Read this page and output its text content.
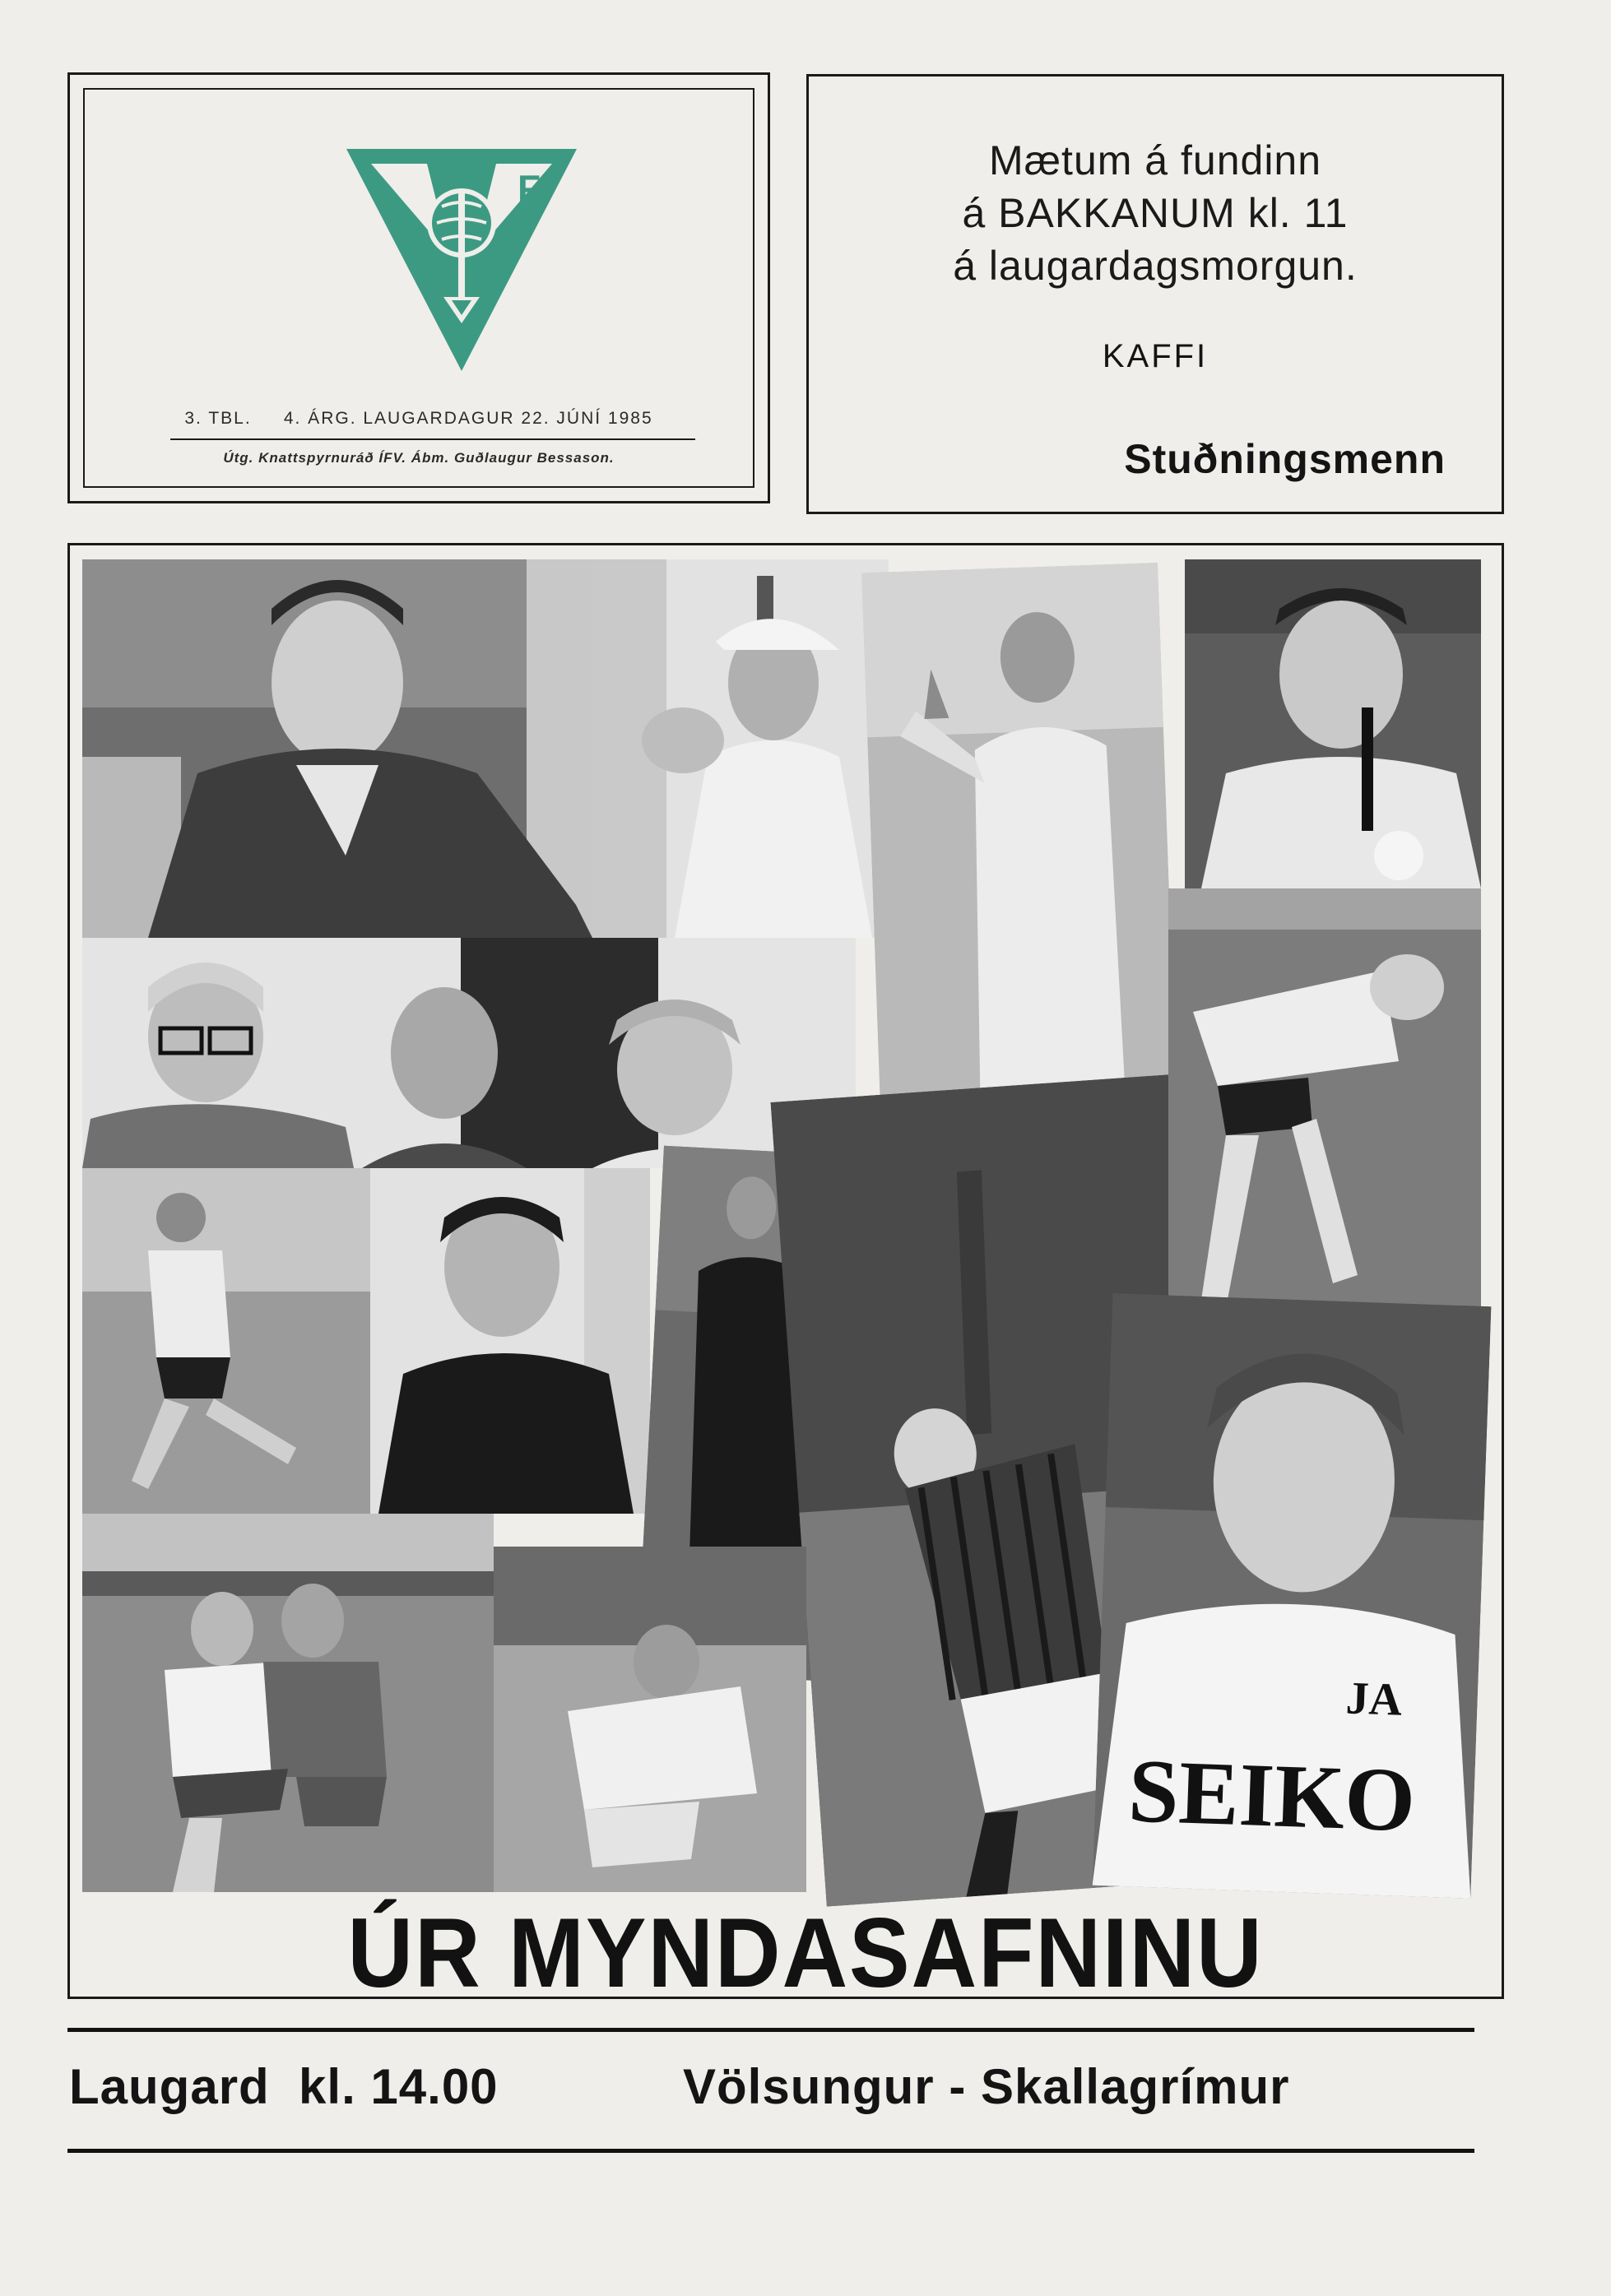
F
3. TBL.     4. ÁRG. LAUGARDAGUR 22. JÚNÍ 1985
Útg. Knattspyrnuráð ÍFV. Ábm. Guðlaugur Bessason.
Mætum á fundinn
á BAKKANUM kl. 11
á laugardagsmorgun.
KAFFI
Stuðningsmenn
SEIKO
JA
ÚR MYNDASAFNINU
Laugard  kl. 14.00	Völsungur - Skallagrímur
